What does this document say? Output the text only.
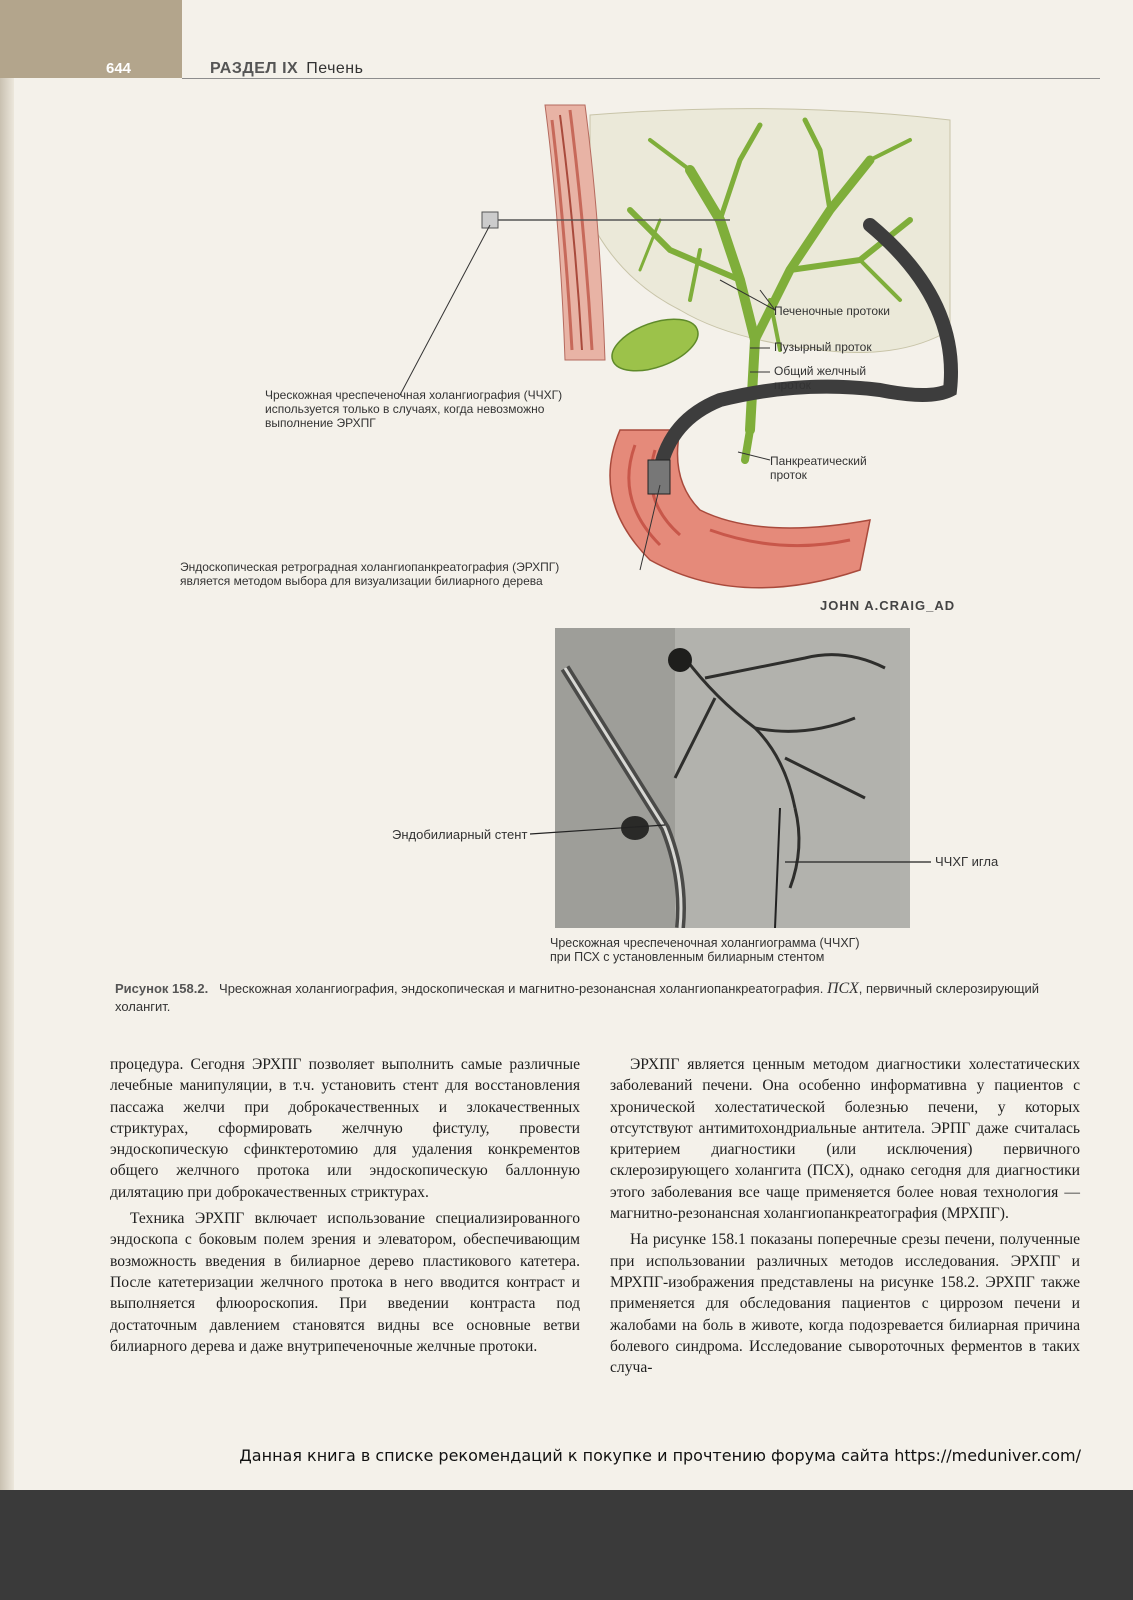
644	РАЗДЕЛ IX Печень
Печеночные протоки
Пузырный проток
Общий желчный
проток
Панкреатический
проток
Чрескожная чреспеченочная холангиография (ЧЧХГ)
используется только в случаях, когда невозможно
выполнение ЭРХПГ
Эндоскопическая ретроградная холангиопанкреатография (ЭРХПГ)
является методом выбора для визуализации билиарного дерева
JOHN A.CRAIG_AD
Эндобилиарный стент
ЧЧХГ игла
Чрескожная чреспеченочная холангиограмма (ЧЧХГ)
при ПСХ с установленным билиарным стентом
Рисунок 158.2. Чрескожная холангиография, эндоскопическая и магнитно-резонансная холангиопанкреатография. ПСХ, первичный склерозирующий холангит.

процедура. Сегодня ЭРХПГ позволяет выполнить самые различные лечебные манипуляции, в т.ч. установить стент для восстановления пассажа желчи при доброкачественных и злокачественных стриктурах, сформировать желчную фистулу, провести эндоскопическую сфинктеротомию для удаления конкрементов общего желчного протока или эндоскопическую баллонную дилятацию при доброкачественных стриктурах.

Техника ЭРХПГ включает использование специализированного эндоскопа с боковым полем зрения и элеватором, обеспечивающим возможность введения в билиарное дерево пластикового катетера. После катетеризации желчного протока в него вводится контраст и выполняется флюороскопия. При введении контраста под достаточным давлением становятся видны все основные ветви билиарного дерева и даже внутрипеченочные желчные протоки.

ЭРХПГ является ценным методом диагностики холестатических заболеваний печени. Она особенно информативна у пациентов с хронической холестатической болезнью печени, у которых отсутствуют антимитохондриальные антитела. ЭРПГ даже считалась критерием диагностики (или исключения) первичного склерозирующего холангита (ПСХ), однако сегодня для диагностики этого заболевания все чаще применяется более новая технология — магнитно-резонансная холангиопанкреатография (МРХПГ).

На рисунке 158.1 показаны поперечные срезы печени, полученные при использовании различных методов исследования. ЭРХПГ и МРХПГ-изображения представлены на рисунке 158.2. ЭРХПГ также применяется для обследования пациентов с циррозом печени и жалобами на боль в животе, когда подозревается билиарная причина болевого синдрома. Исследование сывороточных ферментов в таких случа-

Данная книга в списке рекомендаций к покупке и прочтению форума сайта https://meduniver.com/
